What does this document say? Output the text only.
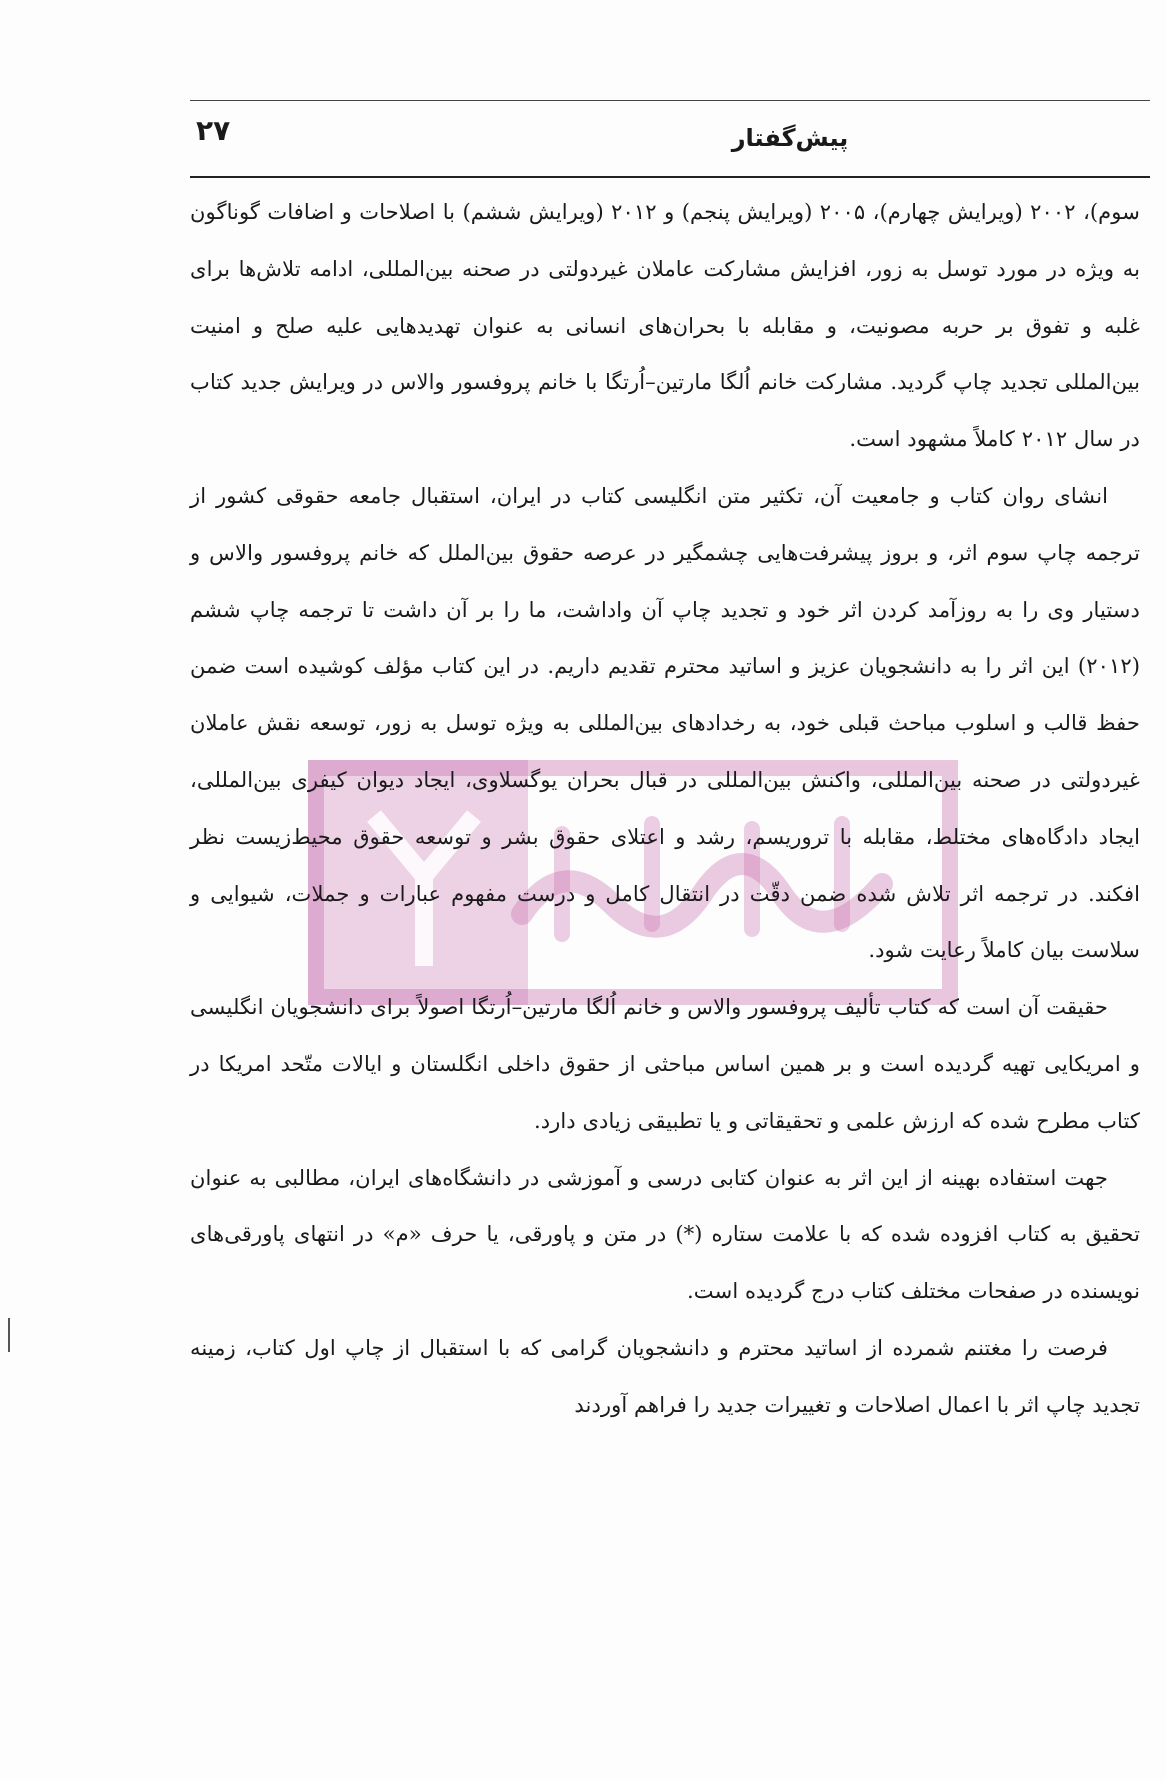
۲۷	پیش‌گفتار

سوم)، ۲۰۰۲ (ویرایش چهارم)، ۲۰۰۵ (ویرایش پنجم) و ۲۰۱۲ (ویرایش ششم) با اصلاحات و اضافات گوناگون به ویژه در مورد توسل به زور، افزایش مشارکت عاملان غیردولتی در صحنه بین‌المللی، ادامه تلاش‌ها برای غلبه و تفوق بر حربه مصونیت، و مقابله با بحران‌های انسانی به عنوان تهدیدهایی علیه صلح و امنیت بین‌المللی تجدید چاپ گردید. مشارکت خانم اُلگا مارتین–اُرتگا با خانم پروفسور والاس در ویرایش جدید کتاب در سال ۲۰۱۲ کاملاً مشهود است.

انشای روان کتاب و جامعیت آن، تکثیر متن انگلیسی کتاب در ایران، استقبال جامعه حقوقی کشور از ترجمه چاپ سوم اثر، و بروز پیشرفت‌هایی چشمگیر در عرصه حقوق بین‌الملل که خانم پروفسور والاس و دستیار وی را به روزآمد کردن اثر خود و تجدید چاپ آن واداشت، ما را بر آن داشت تا ترجمه چاپ ششم (۲۰۱۲) این اثر را به دانشجویان عزیز و اساتید محترم تقدیم داریم. در این کتاب مؤلف کوشیده است ضمن حفظ قالب و اسلوب مباحث قبلی خود، به رخدادهای بین‌المللی به ویژه توسل به زور، توسعه نقش عاملان غیردولتی در صحنه بین‌المللی، واکنش بین‌المللی در قبال بحران یوگسلاوی، ایجاد دیوان کیفری بین‌المللی، ایجاد دادگاه‌های مختلط، مقابله با تروریسم، رشد و اعتلای حقوق بشر و توسعه حقوق محیط‌زیست نظر افکند. در ترجمه اثر تلاش شده ضمن دقّت در انتقال کامل و درست مفهوم عبارات و جملات، شیوایی و سلاست بیان کاملاً رعایت شود.

حقیقت آن است که کتاب تألیف پروفسور والاس و خانم اُلگا مارتین–اُرتگا اصولاً برای دانشجویان انگلیسی و امریکایی تهیه گردیده است و بر همین اساس مباحثی از حقوق داخلی انگلستان و ایالات متّحد امریکا در کتاب مطرح شده که ارزش علمی و تحقیقاتی و یا تطبیقی زیادی دارد.

جهت استفاده بهینه از این اثر به عنوان کتابی درسی و آموزشی در دانشگاه‌های ایران، مطالبی به عنوان تحقیق به کتاب افزوده شده که با علامت ستاره (*) در متن و پاورقی، یا حرف «م» در انتهای پاورقی‌های نویسنده در صفحات مختلف کتاب درج گردیده است.

فرصت را مغتنم شمرده از اساتید محترم و دانشجویان گرامی که با استقبال از چاپ اول کتاب، زمینه تجدید چاپ اثر با اعمال اصلاحات و تغییرات جدید را فراهم آوردند
